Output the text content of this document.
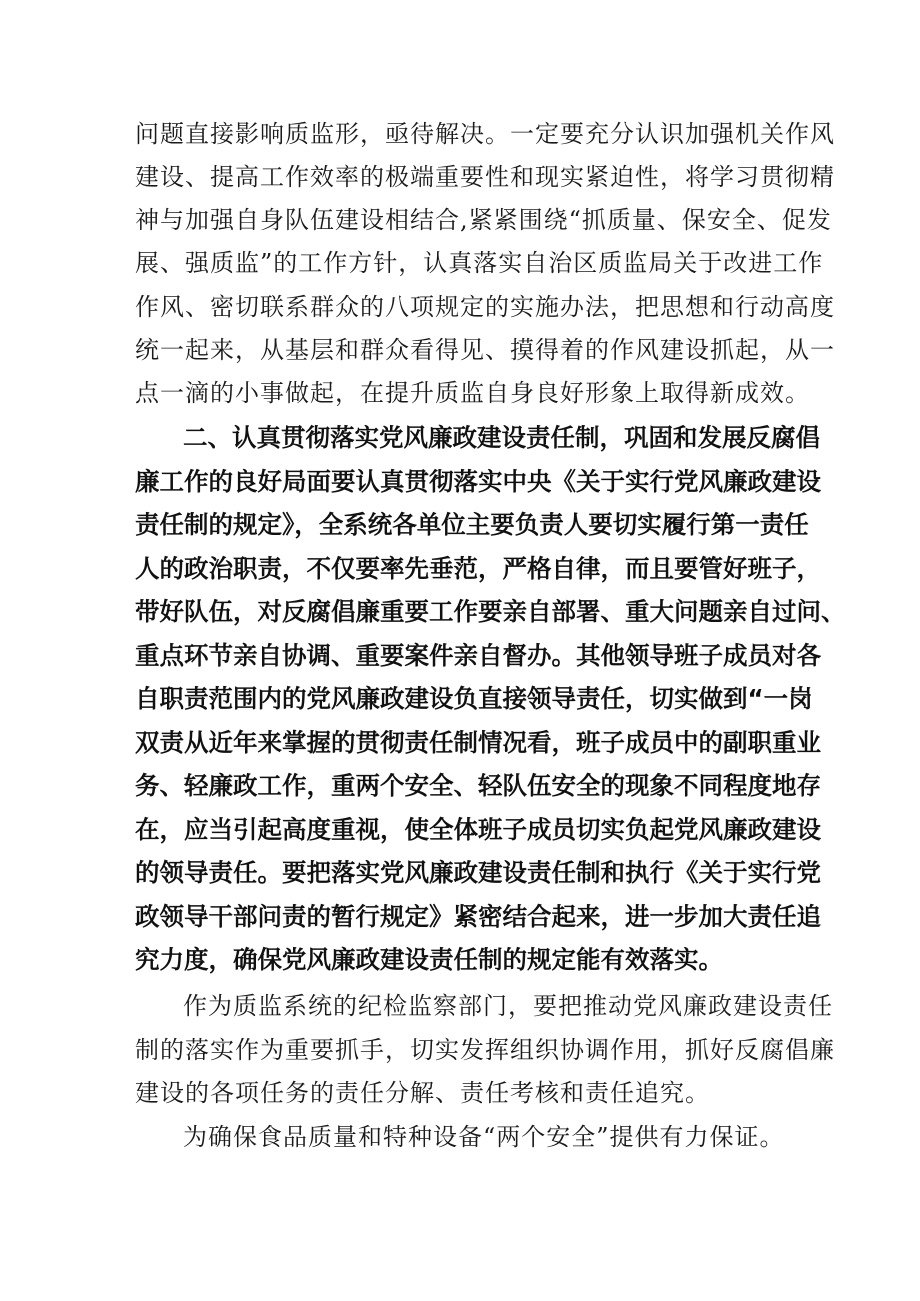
问题直接影响质监形，亟待解决。一定要充分认识加强机关作风
建设、提高工作效率的极端重要性和现实紧迫性，将学习贯彻精
神与加强自身队伍建设相结合,紧紧围绕“抓质量、保安全、促发
展、强质监”的工作方针，认真落实自治区质监局关于改进工作
作风、密切联系群众的八项规定的实施办法，把思想和行动高度
统一起来，从基层和群众看得见、摸得着的作风建设抓起，从一
点一滴的小事做起，在提升质监自身良好形象上取得新成效。
二、认真贯彻落实党风廉政建设责任制，巩固和发展反腐倡
廉工作的良好局面要认真贯彻落实中央《关于实行党风廉政建设
责任制的规定》，全系统各单位主要负责人要切实履行第一责任
人的政治职责，不仅要率先垂范，严格自律，而且要管好班子，
带好队伍，对反腐倡廉重要工作要亲自部署、重大问题亲自过问、
重点环节亲自协调、重要案件亲自督办。其他领导班子成员对各
自职责范围内的党风廉政建设负直接领导责任，切实做到“一岗
双责从近年来掌握的贯彻责任制情况看，班子成员中的副职重业
务、轻廉政工作，重两个安全、轻队伍安全的现象不同程度地存
在，应当引起高度重视，使全体班子成员切实负起党风廉政建设
的领导责任。要把落实党风廉政建设责任制和执行《关于实行党
政领导干部问责的暂行规定》紧密结合起来，进一步加大责任追
究力度，确保党风廉政建设责任制的规定能有效落实。
作为质监系统的纪检监察部门，要把推动党风廉政建设责任
制的落实作为重要抓手，切实发挥组织协调作用，抓好反腐倡廉
建设的各项任务的责任分解、责任考核和责任追究。
为确保食品质量和特种设备“两个安全”提供有力保证。
